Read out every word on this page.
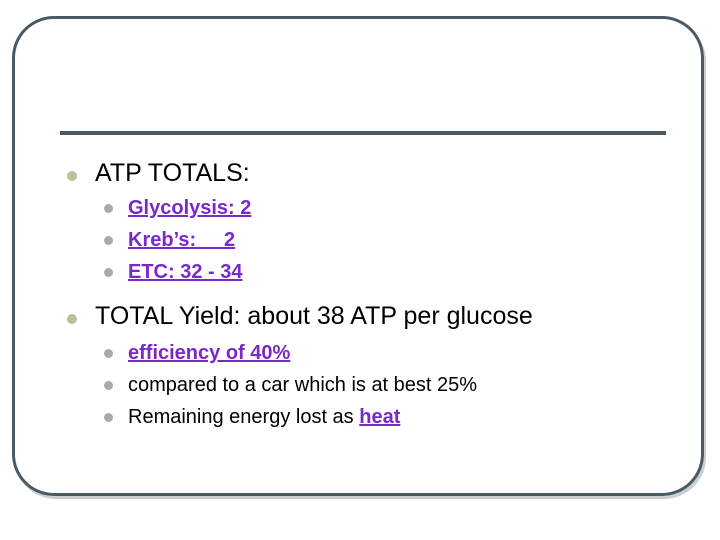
ATP TOTALS:
Glycolysis: 2
Kreb’s:     2
ETC: 32 - 34
TOTAL Yield: about 38 ATP per glucose
efficiency of 40%
compared to a car which is at best 25%
Remaining energy lost as heat
